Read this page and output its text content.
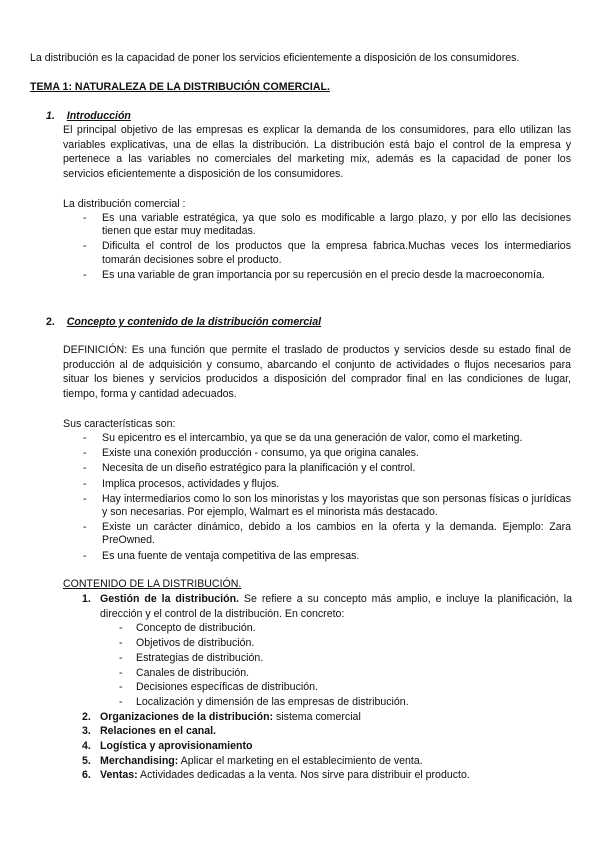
La distribución es la capacidad de poner los servicios eficientemente a disposición de los consumidores.
TEMA 1: NATURALEZA DE LA DISTRIBUCIÓN COMERCIAL.
1. Introducción
El principal objetivo de las empresas es explicar la demanda de los consumidores, para ello utilizan las
variables explicativas, una de ellas la distribución. La distribución está bajo el control de la empresa y
pertenece a las variables no comerciales del marketing mix, además es la capacidad de poner los
servicios eficientemente a disposición de los consumidores.
La distribución comercial :
- Es una variable estratégica, ya que solo es modificable a largo plazo, y por ello las decisiones tienen que estar muy meditadas.
- Dificulta el control de los productos que la empresa fabrica.Muchas veces los intermediarios tomarán decisiones sobre el producto.
- Es una variable de gran importancia por su repercusión en el precio desde la macroeconomía.
2. Concepto y contenido de la distribución comercial
DEFINICIÓN: Es una función que permite el traslado de productos y servicios desde su estado final de
producción al de adquisición y consumo, abarcando el conjunto de actividades o flujos necesarios para
situar los bienes y servicios producidos a disposición del comprador final en las condiciones de lugar,
tiempo, forma y cantidad adecuados.
Sus características son:
- Su epicentro es el intercambio, ya que se da una generación de valor, como el marketing.
- Existe una conexión producción - consumo, ya que origina canales.
- Necesita de un diseño estratégico para la planificación y el control.
- Implica procesos, actividades y flujos.
- Hay intermediarios como lo son los minoristas y los mayoristas que son personas físicas o jurídicas y son necesarias. Por ejemplo, Walmart es el minorista más destacado.
- Existe un carácter dinámico, debido a los cambios en la oferta y la demanda. Ejemplo: Zara PreOwned.
- Es una fuente de ventaja competitiva de las empresas.
CONTENIDO DE LA DISTRIBUCIÓN.
1. Gestión de la distribución. Se refiere a su concepto más amplio, e incluye la planificación, la dirección y el control de la distribución. En concreto:
- Concepto de distribución.
- Objetivos de distribución.
- Estrategias de distribución.
- Canales de distribución.
- Decisiones específicas de distribución.
- Localización y dimensión de las empresas de distribución.
2. Organizaciones de la distribución: sistema comercial
3. Relaciones en el canal.
4. Logística y aprovisionamiento
5. Merchandising: Aplicar el marketing en el establecimiento de venta.
6. Ventas: Actividades dedicadas a la venta. Nos sirve para distribuir el producto.
